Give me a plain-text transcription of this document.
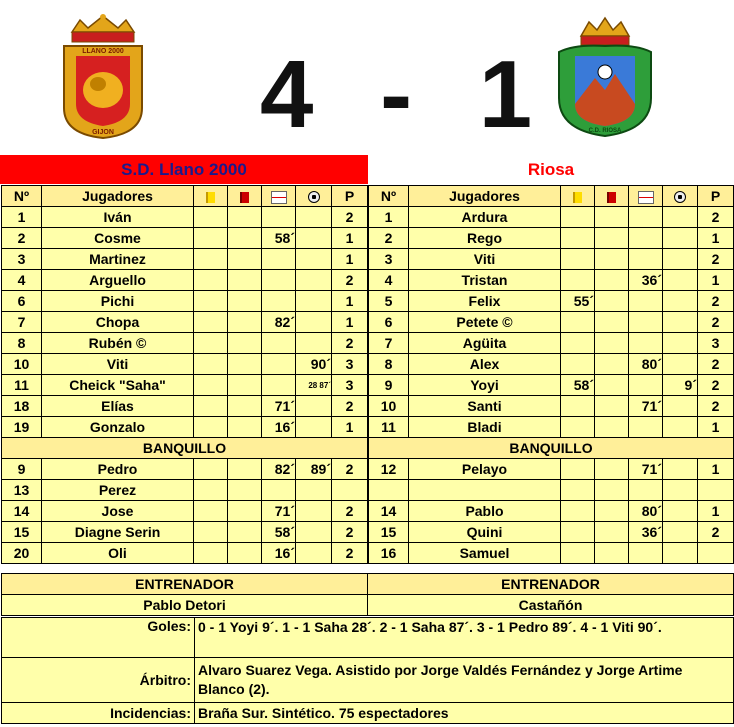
LLANO 2000
GIJON	C.D. RIOSA
4 - 1
S.D. Llano 2000	Riosa
Nº	Jugadores					P
1	Iván					2
2	Cosme			58´		1
3	Martinez					1
4	Arguello					2
6	Pichi					1
7	Chopa			82´		1
8	Rubén ©					2
10	Viti				90´	3
11	Cheick "Saha"				28 87´	3
18	Elías			71´		2
19	Gonzalo			16´		1
BANQUILLO						
9	Pedro			82´	89´	2
13	Perez					
14	Jose			71´		2
15	Diagne Serin			58´		2
20	Oli			16´		2
Nº	Jugadores					P
1	Ardura					2
2	Rego					1
3	Viti					2
4	Tristan			36´		1
5	Felix	55´				2
6	Petete ©					2
7	Agüita					3
8	Alex			80´		2
9	Yoyi	58´			9´	2
10	Santi			71´		2
11	Bladi					1
BANQUILLO						
12	Pelayo			71´		1

14	Pablo			80´		1
15	Quini			36´		2
16	Samuel					
ENTRENADOR	ENTRENADOR
Pablo Detori	Castañón
Goles:	0 - 1 Yoyi 9´. 1 - 1 Saha 28´. 2 - 1 Saha 87´. 3 - 1 Pedro 89´. 4 - 1 Viti 90´.
Árbitro:	Alvaro Suarez Vega. Asistido por Jorge Valdés Fernández y Jorge Artime Blanco (2).
Incidencias:	Braña Sur. Sintético. 75 espectadores
